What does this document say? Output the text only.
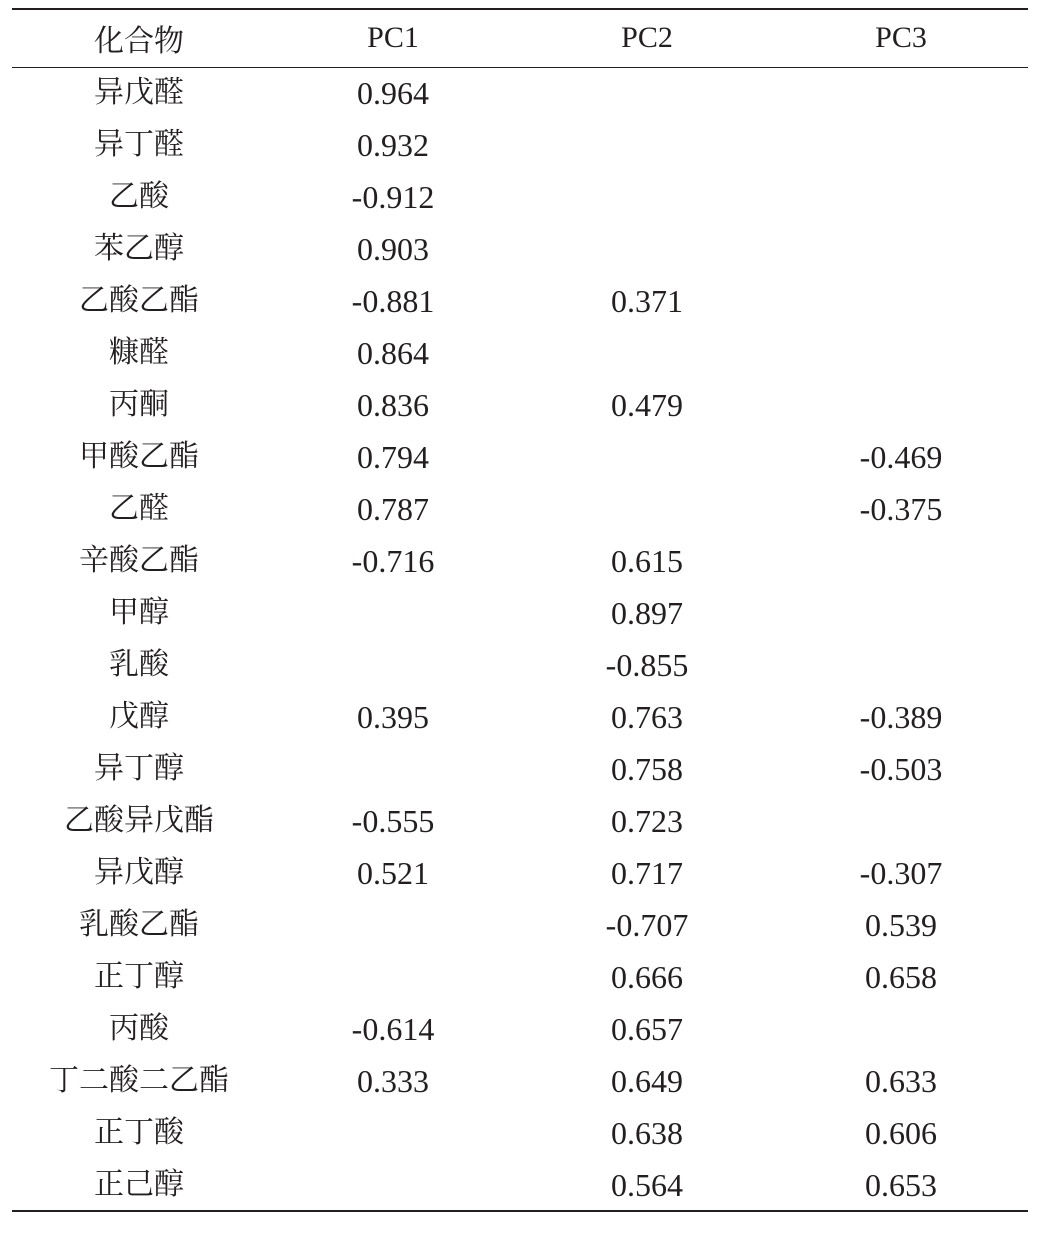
化合物	PC1	PC2	PC3
异戊醛	0.964		
异丁醛	0.932		
乙酸	-0.912		
苯乙醇	0.903		
乙酸乙酯	-0.881	0.371	
糠醛	0.864		
丙酮	0.836	0.479	
甲酸乙酯	0.794		-0.469
乙醛	0.787		-0.375
辛酸乙酯	-0.716	0.615	
甲醇		0.897	
乳酸		-0.855	
戊醇	0.395	0.763	-0.389
异丁醇		0.758	-0.503
乙酸异戊酯	-0.555	0.723	
异戊醇	0.521	0.717	-0.307
乳酸乙酯		-0.707	0.539
正丁醇		0.666	0.658
丙酸	-0.614	0.657	
丁二酸二乙酯	0.333	0.649	0.633
正丁酸		0.638	0.606
正己醇		0.564	0.653
